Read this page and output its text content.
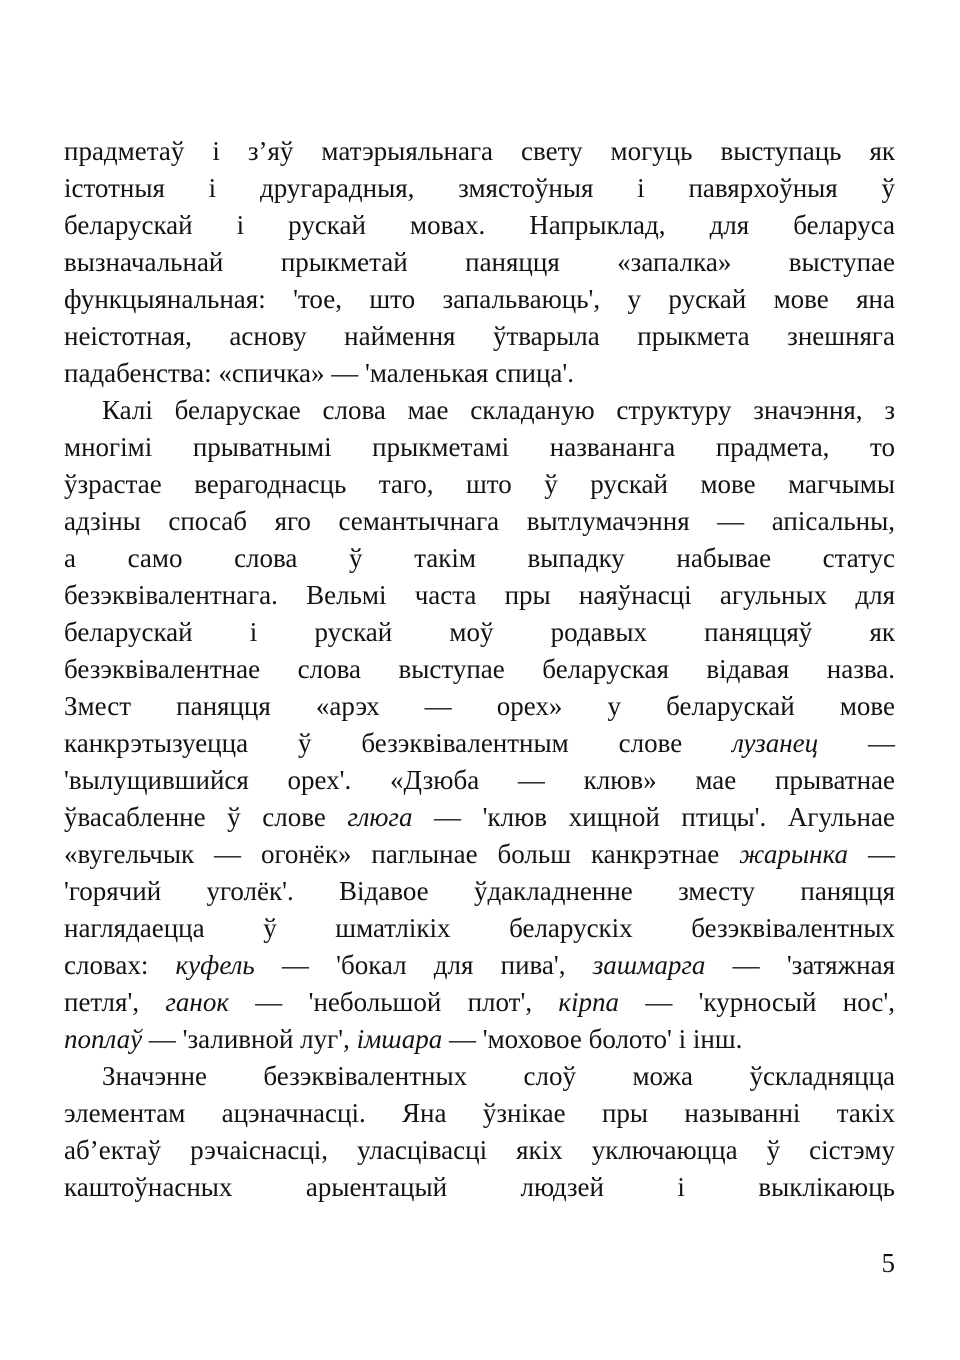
прадметаў і з’яў матэрыяльнага свету могуць выступаць як
істотныя і другарадныя, змястоўныя і павярхоўныя ў
беларускай і рускай мовах. Напрыклад, для беларуса
вызначальнай прыкметай паняцця «запалка» выступае
функцыянальная: 'тое, што запальваюць', у рускай мове яна
неістотная, аснову наймення ўтварыла прыкмета знешняга
падабенства: «спичка» — 'маленькая спица'.
Калі беларускае слова мае складаную структуру значэння, з
многімі прыватнымі прыкметамі названанга прадмета, то
ўзрастае верагоднасць таго, што ў рускай мове магчымы
адзіны спосаб яго семантычнага вытлумачэння — апісальны,
а само слова ў такім выпадку набывае статус
безэквівалентнага. Вельмі часта пры наяўнасці агульных для
беларускай і рускай моў родавых паняццяў як
безэквівалентнае слова выступае беларуская відавая назва.
Змест паняцця «арэх — орех» у беларускай мове
канкрэтызуецца ў безэквівалентным слове лузанец —
'вылущившийся орех'. «Дзюба — клюв» мае прыватнае
ўвасабленне ў слове глюга — 'клюв хищной птицы'. Агульнае
«вугельчык — огонёк» паглынае больш канкрэтнае жарынка —
'горячий уголёк'. Відавое ўдакладненне зместу паняцця
наглядаецца ў шматлікіх беларускіх безэквівалентных
словах: куфель — 'бокал для пива', зашмарга — 'затяжная
петля', ганок — 'небольшой плот', кірпа — 'курносый нос',
поплаў — 'заливной луг', імшара — 'моховое болото' і інш.
Значэнне безэквівалентных слоў можа ўскладняцца
элементам ацэначнасці. Яна ўзнікае пры называнні такіх
аб’ектаў рэчаіснасці, уласцівасці якіх уключаюцца ў сістэму
каштоўнасных арыентацый людзей і выклікаюць
5
